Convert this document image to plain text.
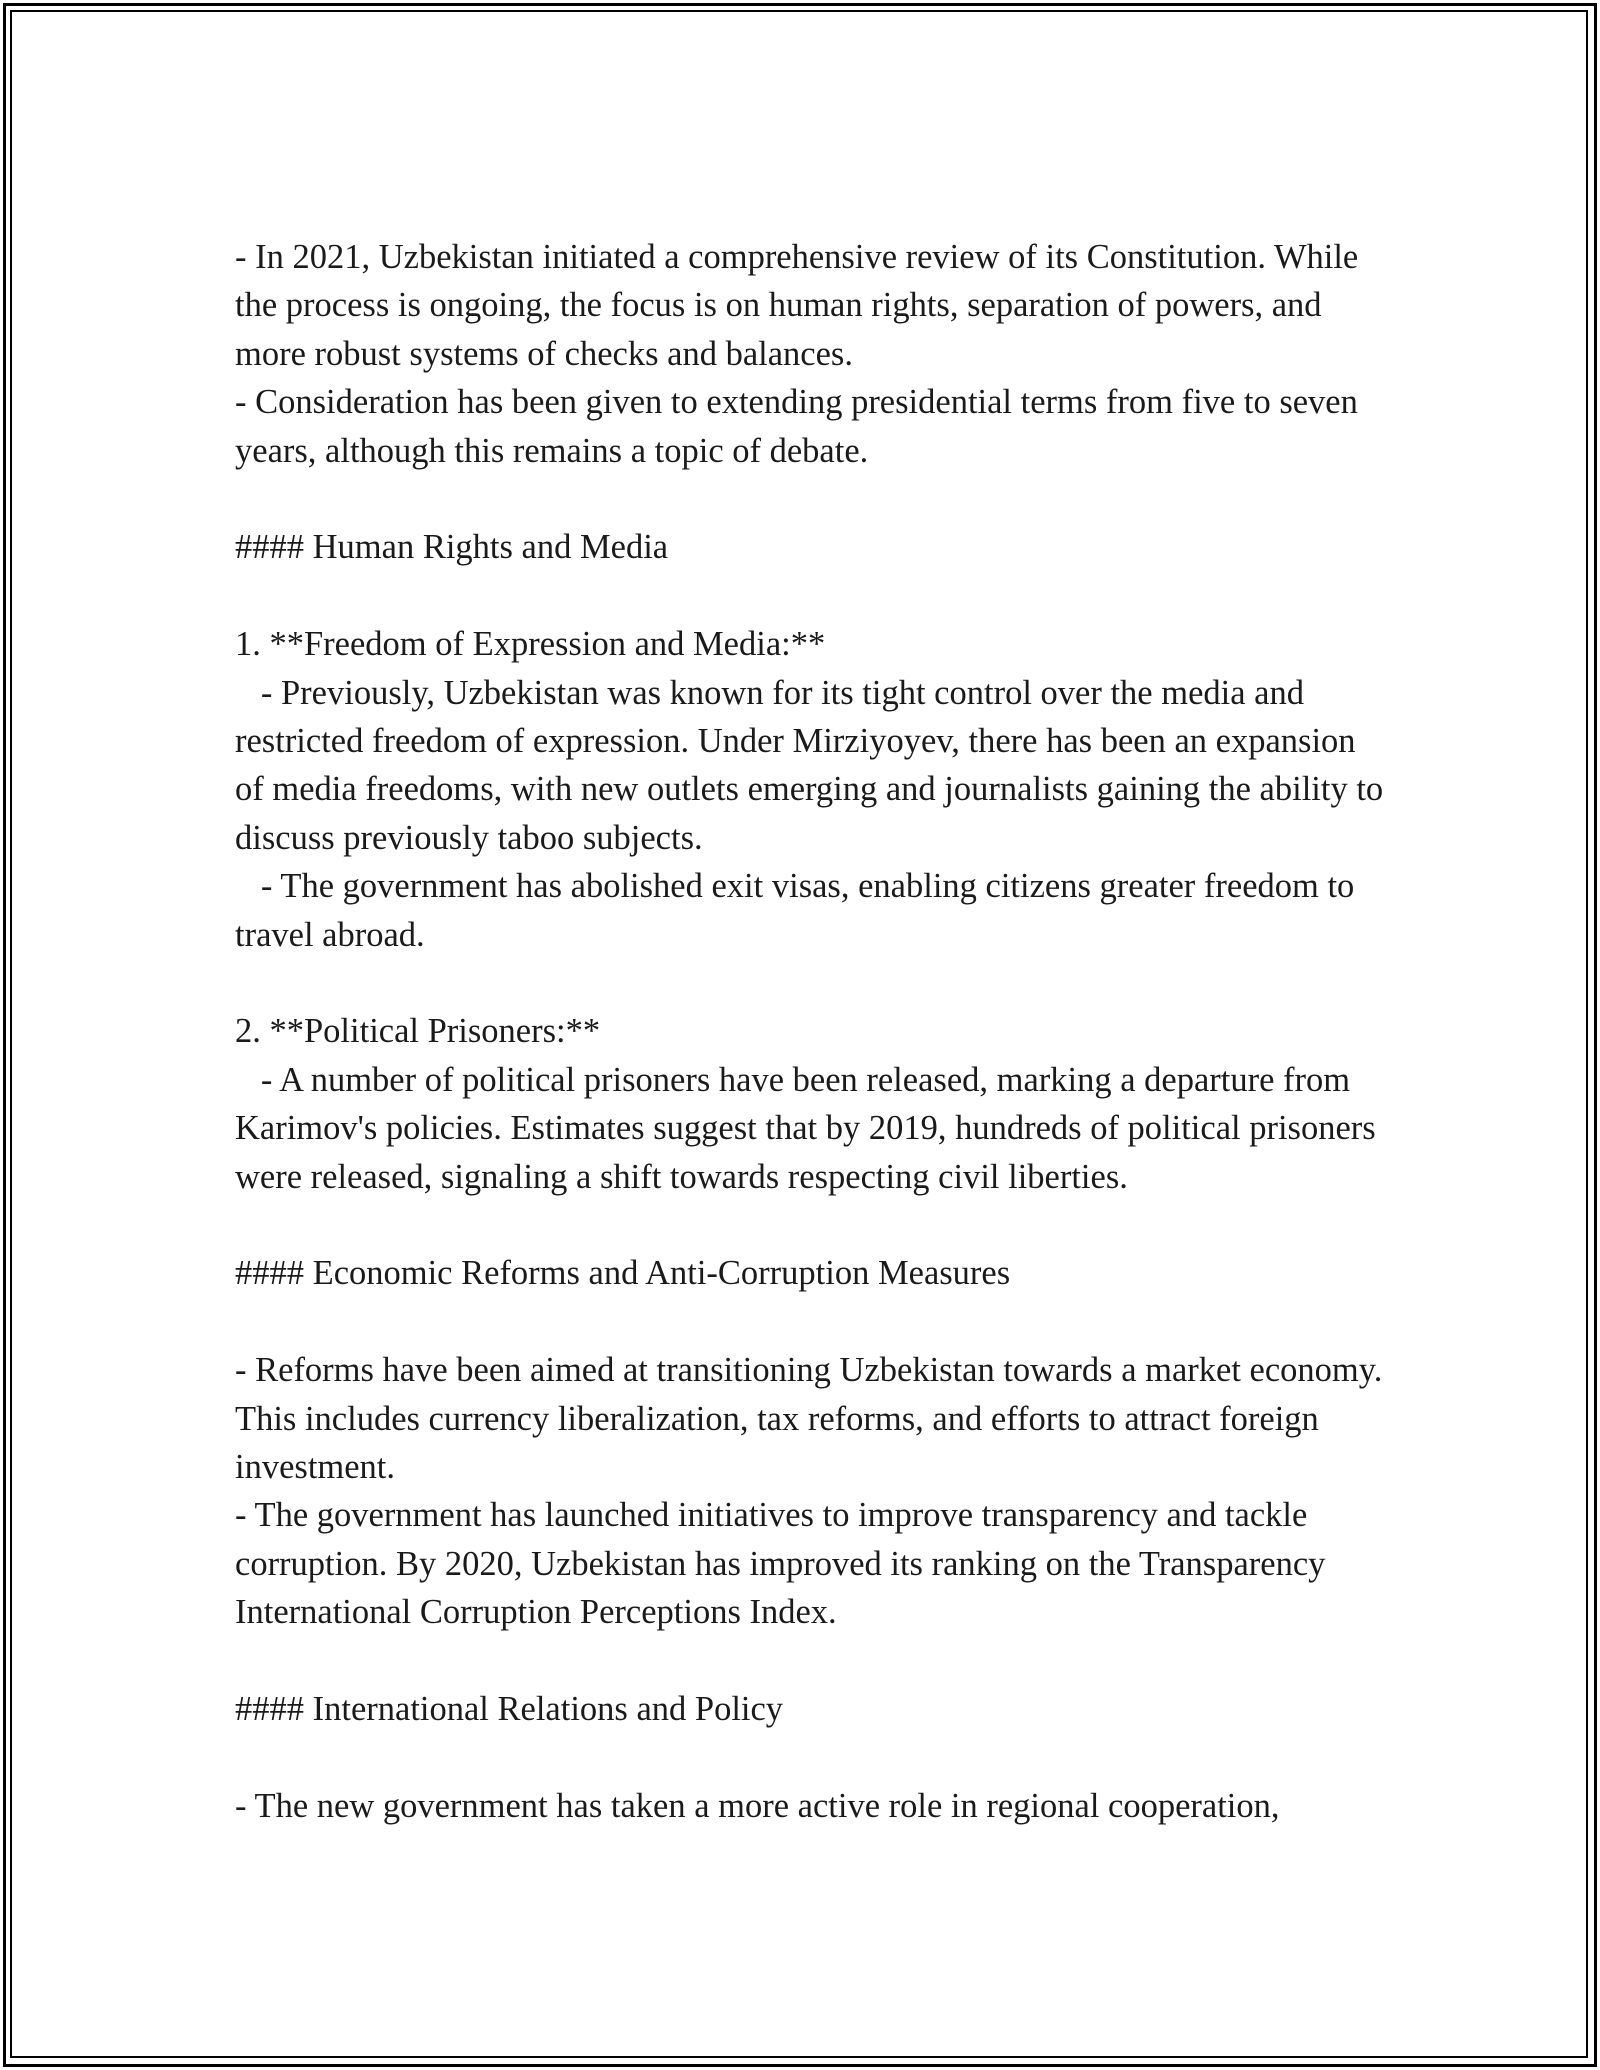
- In 2021, Uzbekistan initiated a comprehensive review of its Constitution. While the process is ongoing, the focus is on human rights, separation of powers, and more robust systems of checks and balances.

- Consideration has been given to extending presidential terms from five to seven years, although this remains a topic of debate.

#### Human Rights and Media

1. **Freedom of Expression and Media:**

- Previously, Uzbekistan was known for its tight control over the media and restricted freedom of expression. Under Mirziyoyev, there has been an expansion of media freedoms, with new outlets emerging and journalists gaining the ability to discuss previously taboo subjects.

- The government has abolished exit visas, enabling citizens greater freedom to travel abroad.

2. **Political Prisoners:**

- A number of political prisoners have been released, marking a departure from Karimov's policies. Estimates suggest that by 2019, hundreds of political prisoners were released, signaling a shift towards respecting civil liberties.

#### Economic Reforms and Anti-Corruption Measures

- Reforms have been aimed at transitioning Uzbekistan towards a market economy. This includes currency liberalization, tax reforms, and efforts to attract foreign investment.

- The government has launched initiatives to improve transparency and tackle corruption. By 2020, Uzbekistan has improved its ranking on the Transparency International Corruption Perceptions Index.

#### International Relations and Policy

- The new government has taken a more active role in regional cooperation,
